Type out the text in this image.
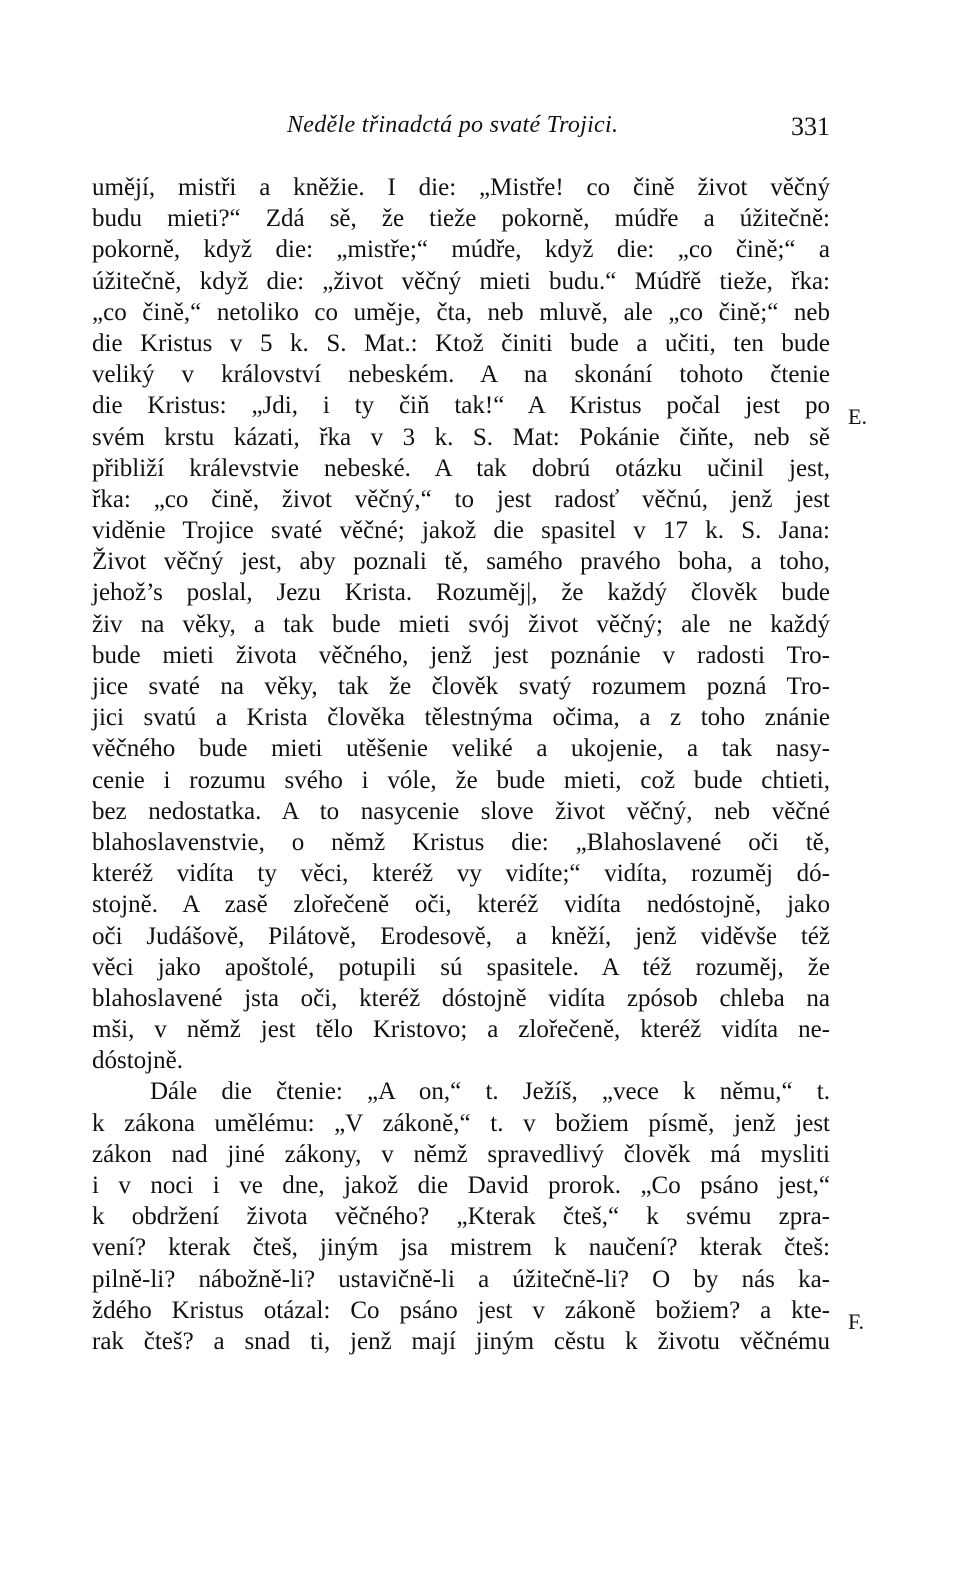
Neděle třinadctá po svaté Trojici.	331
umějí, mistři a kněžie. I die: „Mistře! co čině život věčný
budu mieti?“ Zdá sě, že tieže pokorně, múdře a úžitečně:
pokorně, když die: „mistře;“ múdře, když die: „co čině;“ a
úžitečně, když die: „život věčný mieti budu.“ Múdřě tieže, řka:
„co čině,“ netoliko co uměje, čta, neb mluvě, ale „co čině;“ neb
die Kristus v 5 k. S. Mat.: Ktož činiti bude a učiti, ten bude
veliký v království nebeském. A na skonání tohoto čtenie
die Kristus: „Jdi, i ty čiň tak!“ A Kristus počal jest po
svém krstu kázati, řka v 3 k. S. Mat: Pokánie čiňte, neb sě
přibliží králevstvie nebeské. A tak dobrú otázku učinil jest,
řka: „co čině, život věčný,“ to jest radosť věčnú, jenž jest
viděnie Trojice svaté věčné; jakož die spasitel v 17 k. S. Jana:
Život věčný jest, aby poznali tě, samého pravého boha, a toho,
jehož’s poslal, Jezu Krista. Rozuměj|, že každý člověk bude
živ na věky, a tak bude mieti svój život věčný; ale ne každý
bude mieti života věčného, jenž jest poznánie v radosti Tro-
jice svaté na věky, tak že člověk svatý rozumem pozná Tro-
jici svatú a Krista člověka tělestnýma očima, a z toho znánie
věčného bude mieti utěšenie veliké a ukojenie, a tak nasy-
cenie i rozumu svého i vóle, že bude mieti, což bude chtieti,
bez nedostatka. A to nasycenie slove život věčný, neb věčné
blahoslavenstvie, o němž Kristus die: „Blahoslavené oči tě,
kteréž vidíta ty věci, kteréž vy vidíte;“ vidíta, rozuměj dó-
stojně. A zasě zlořečeně oči, kteréž vidíta nedóstojně, jako
oči Judášově, Pilátově, Erodesově, a kněží, jenž viděvše též
věci jako apoštolé, potupili sú spasitele. A též rozuměj, že
blahoslavené jsta oči, kteréž dóstojně vidíta zpósob chleba na
mši, v němž jest tělo Kristovo; a zlořečeně, kteréž vidíta ne-
dóstojně.
Dále die čtenie: „A on,“ t. Ježíš, „vece k němu,“ t.
k zákona umělému: „V zákoně,“ t. v božiem písmě, jenž jest
zákon nad jiné zákony, v němž spravedlivý člověk má mysliti
i v noci i ve dne, jakož die David prorok. „Co psáno jest,“
k obdržení života věčného? „Kterak čteš,“ k svému zpra-
vení? kterak čteš, jiným jsa mistrem k naučení? kterak čteš:
pilně-li? nábožně-li? ustavičně-li a úžitečně-li? O by nás ka-
ždého Kristus otázal: Co psáno jest v zákoně božiem? a kte-
rak čteš? a snad ti, jenž mají jiným cěstu k životu věčnému
E.
F.
